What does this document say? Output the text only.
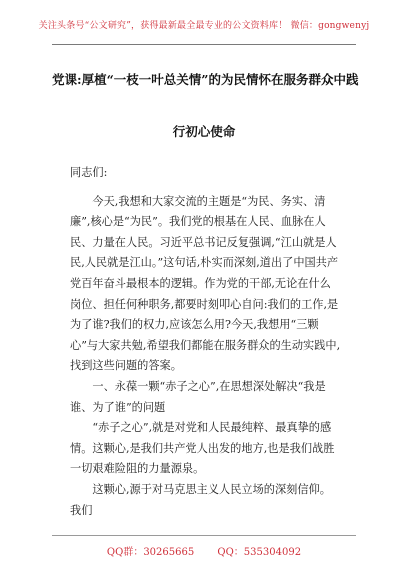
关注头条号“公文研究”，获得最新最全最专业的公文资料库！ 微信：gongwenyj
党课:厚植“一枝一叶总关情”的为民情怀在服务群众中践
行初心使命

同志们:

今天,我想和大家交流的主题是“为民、务实、清廉”,核心是“为民”。我们党的根基在人民、血脉在人民、力量在人民。习近平总书记反复强调,“江山就是人民,人民就是江山。”这句话,朴实而深刻,道出了中国共产党百年奋斗最根本的逻辑。作为党的干部,无论在什么岗位、担任何种职务,都要时刻叩心自问:我们的工作,是为了谁?我们的权力,应该怎么用?今天,我想用“三颗心”与大家共勉,希望我们都能在服务群众的生动实践中,找到这些问题的答案。

一、永葆一颗“赤子之心”,在思想深处解决“我是谁、为了谁”的问题

“赤子之心”,就是对党和人民最纯粹、最真挚的感情。这颗心,是我们共产党人出发的地方,也是我们战胜一切艰难险阻的力量源泉。

这颗心,源于对马克思主义人民立场的深刻信仰。我们

QQ群：30265665 QQ：535304092
